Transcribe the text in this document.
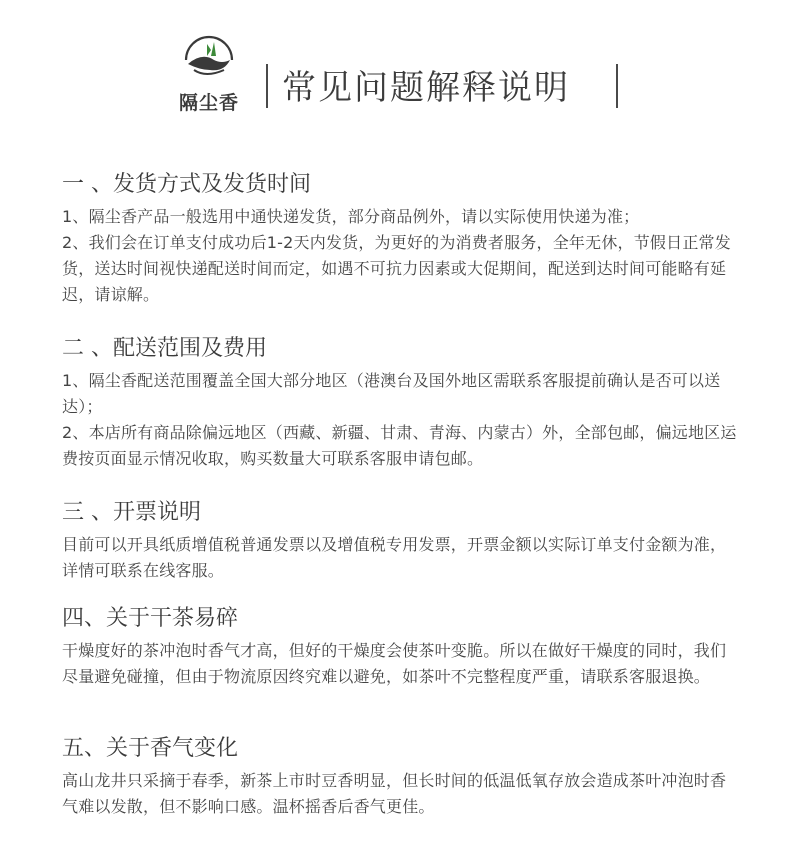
隔尘香 常见问题解释说明
一 、发货方式及发货时间

1、隔尘香产品一般选用中通快递发货，部分商品例外，请以实际使用快递为准；

2、我们会在订单支付成功后1-2天内发货，为更好的为消费者服务，全年无休，节假日正常发货，送达时间视快递配送时间而定，如遇不可抗力因素或大促期间，配送到达时间可能略有延迟，请谅解。

二 、配送范围及费用

1、隔尘香配送范围覆盖全国大部分地区（港澳台及国外地区需联系客服提前确认是否可以送达）；

2、本店所有商品除偏远地区（西藏、新疆、甘肃、青海、内蒙古）外，全部包邮，偏远地区运费按页面显示情况收取，购买数量大可联系客服申请包邮。

三 、开票说明

目前可以开具纸质增值税普通发票以及增值税专用发票，开票金额以实际订单支付金额为准，详情可联系在线客服。

四、关于干茶易碎

干燥度好的茶冲泡时香气才高，但好的干燥度会使茶叶变脆。所以在做好干燥度的同时，我们尽量避免碰撞，但由于物流原因终究难以避免，如茶叶不完整程度严重，请联系客服退换。

五、关于香气变化

高山龙井只采摘于春季，新茶上市时豆香明显，但长时间的低温低氧存放会造成茶叶冲泡时香气难以发散，但不影响口感。温杯摇香后香气更佳。
